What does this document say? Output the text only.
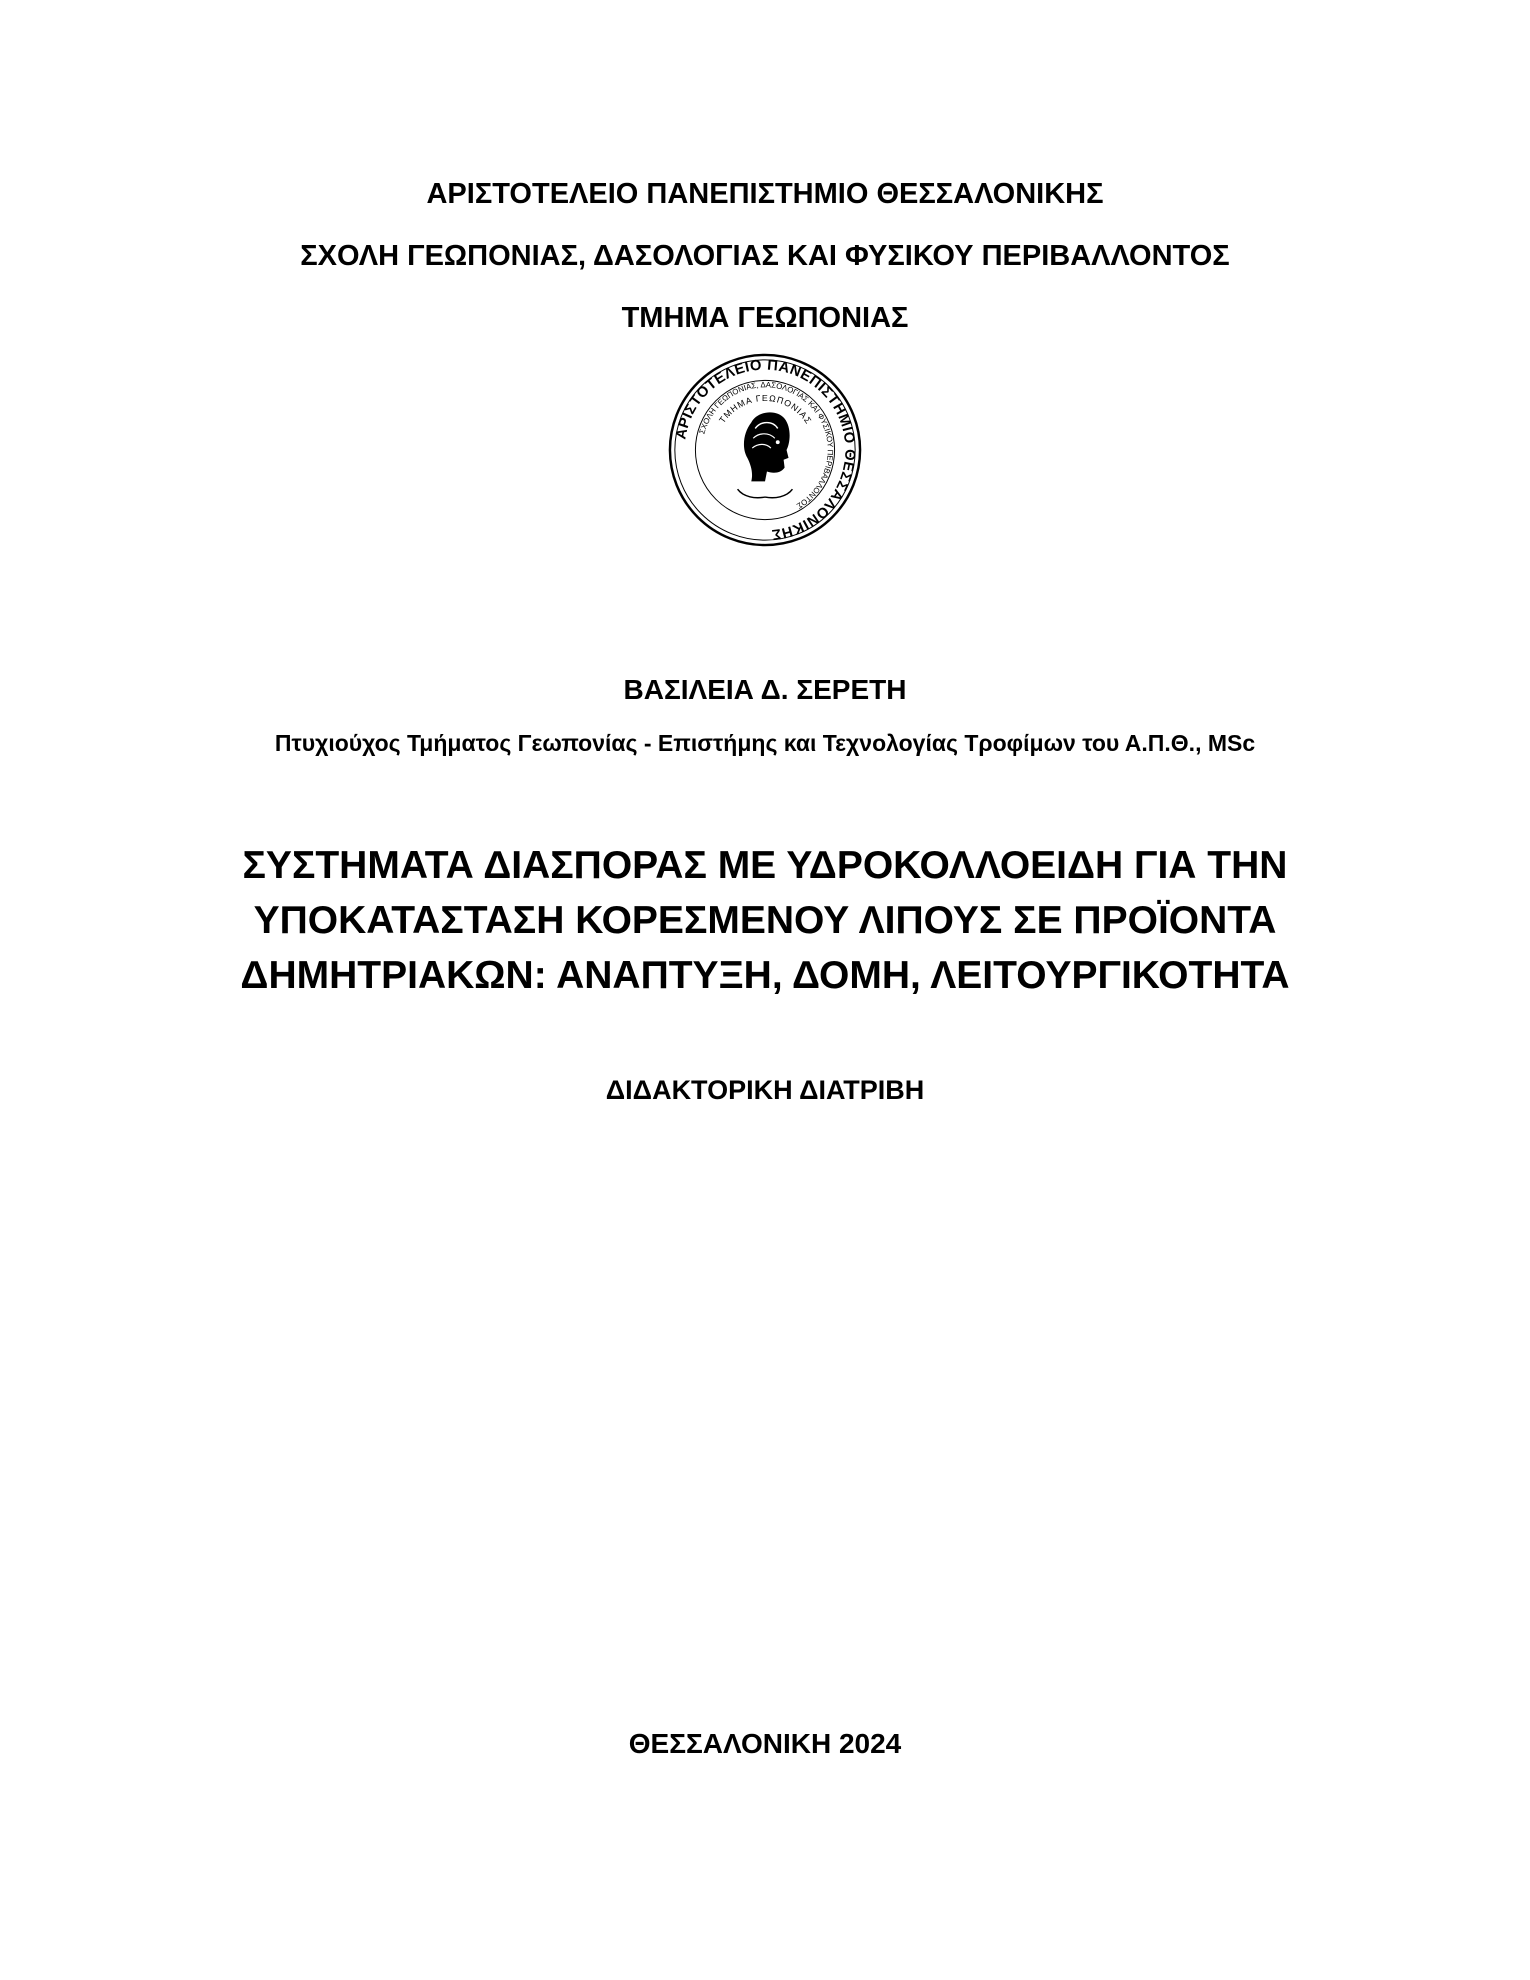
ΑΡΙΣΤΟΤΕΛΕΙΟ ΠΑΝΕΠΙΣΤΗΜΙΟ ΘΕΣΣΑΛΟΝΙΚΗΣ
ΣΧΟΛΗ ΓΕΩΠΟΝΙΑΣ, ΔΑΣΟΛΟΓΙΑΣ ΚΑΙ ΦΥΣΙΚΟΥ ΠΕΡΙΒΑΛΛΟΝΤΟΣ
ΤΜΗΜΑ ΓΕΩΠΟΝΙΑΣ
ΑΡΙΣΤΟΤΕΛΕΙΟ ΠΑΝΕΠΙΣΤΗΜΙΟ ΘΕΣΣΑΛΟΝΙΚΗΣ
ΣΧΟΛΗ ΓΕΩΠΟΝΙΑΣ, ΔΑΣΟΛΟΓΙΑΣ ΚΑΙ ΦΥΣΙΚΟΥ ΠΕΡΙΒΑΛΛΟΝΤΟΣ
ΤΜΗΜΑ ΓΕΩΠΟΝΙΑΣ
ΒΑΣΙΛΕΙΑ Δ. ΣΕΡΕΤΗ
Πτυχιούχος Τμήματος Γεωπονίας - Επιστήμης και Τεχνολογίας Τροφίμων του Α.Π.Θ., MSc
ΣΥΣΤΗΜΑΤΑ ΔΙΑΣΠΟΡΑΣ ΜΕ ΥΔΡΟΚΟΛΛΟΕΙΔΗ ΓΙΑ ΤΗΝ
ΥΠΟΚΑΤΑΣΤΑΣΗ ΚΟΡΕΣΜΕΝΟΥ ΛΙΠΟΥΣ ΣΕ ΠΡΟΪΟΝΤΑ
ΔΗΜΗΤΡΙΑΚΩΝ: ΑΝΑΠΤΥΞΗ, ΔΟΜΗ, ΛΕΙΤΟΥΡΓΙΚΟΤΗΤΑ
ΔΙΔΑΚΤΟΡΙΚΗ ΔΙΑΤΡΙΒΗ
ΘΕΣΣΑΛΟΝΙΚΗ 2024
